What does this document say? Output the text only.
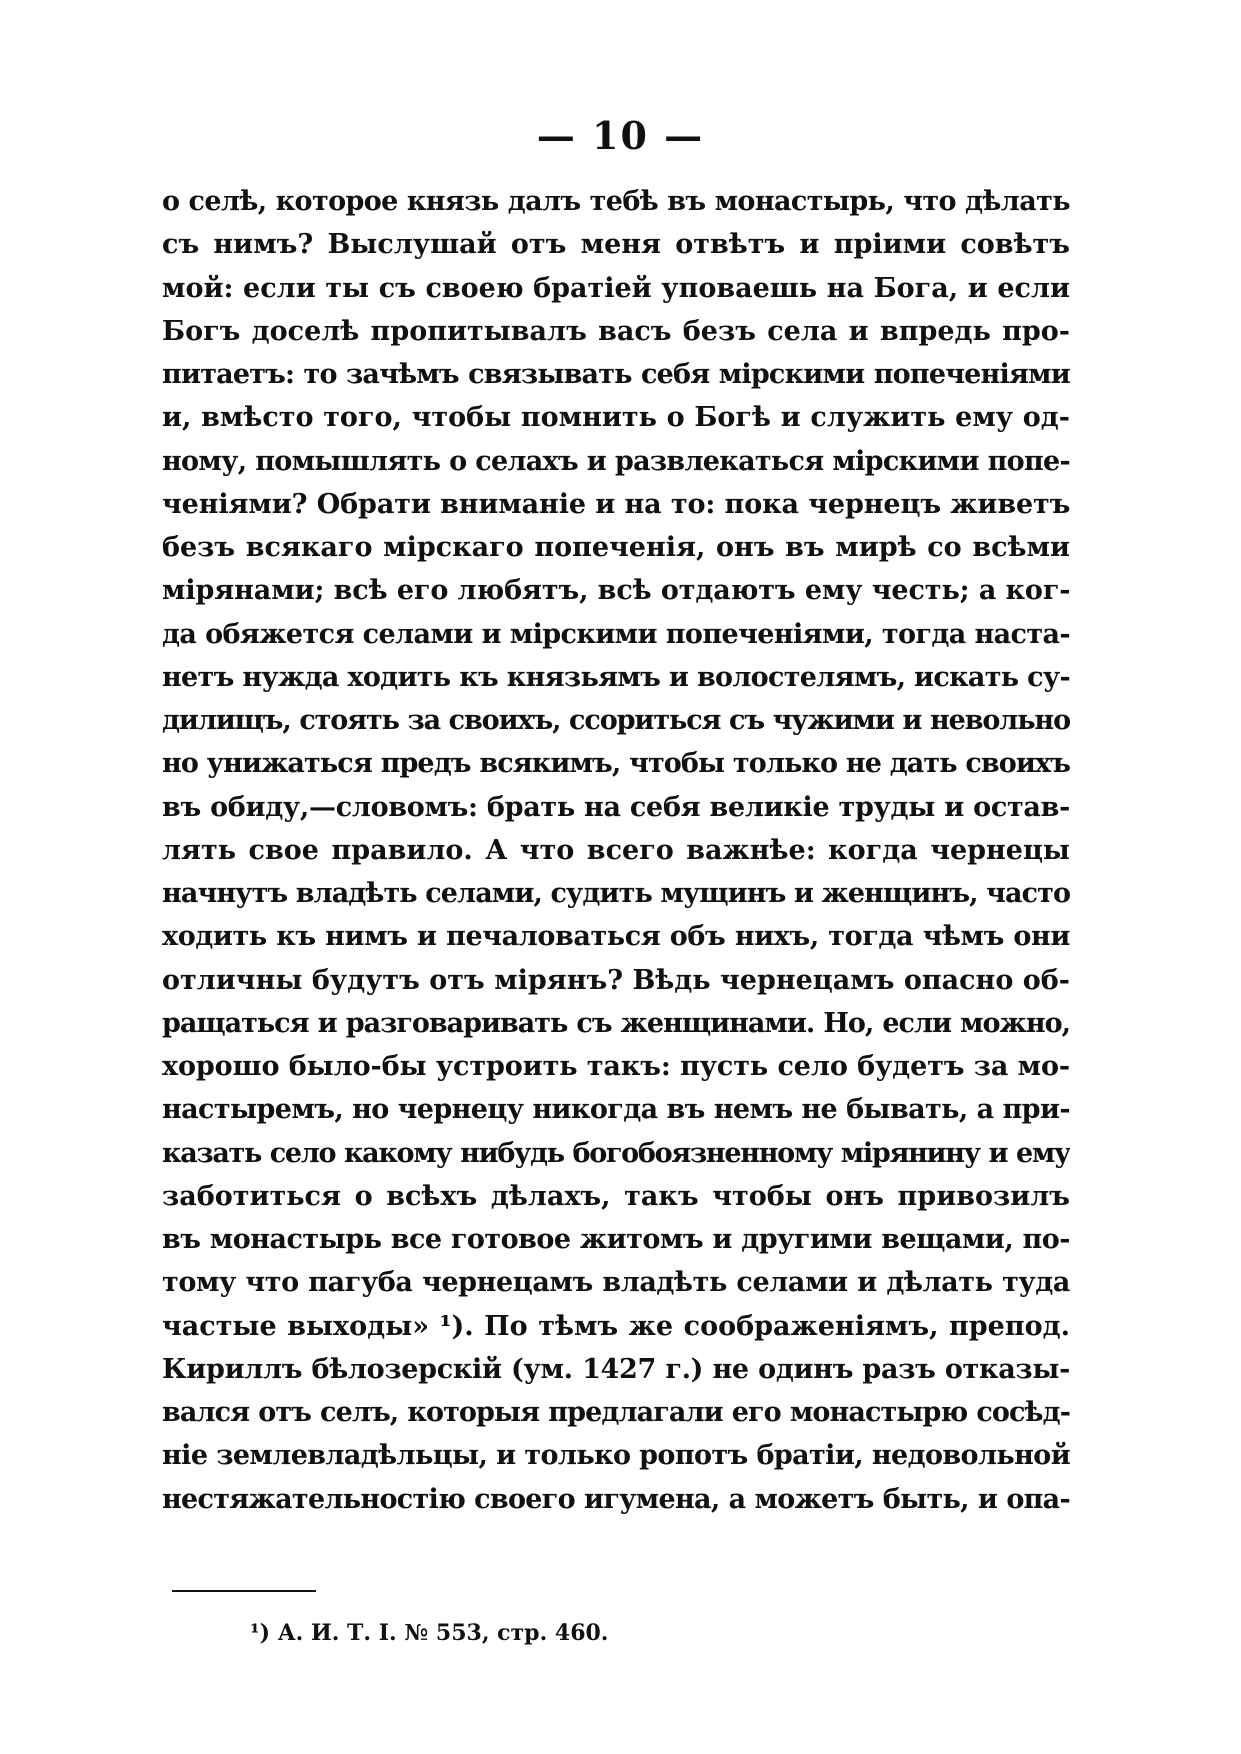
— 10 —
о селѣ, которое князь далъ тебѣ въ монастырь, что дѣлать
съ нимъ? Выслушай отъ меня отвѣтъ и пріими совѣтъ
мой: если ты съ своею братіей уповаешь на Бога, и если
Богъ доселѣ пропитывалъ васъ безъ села и впредь про-
питаетъ: то зачѣмъ связывать себя мірскими попеченіями
и, вмѣсто того, чтобы помнить о Богѣ и служить ему од-
ному, помышлять о селахъ и развлекаться мірскими попе-
ченіями? Обрати вниманіе и на то: пока чернецъ живетъ
безъ всякаго мірскаго попеченія, онъ въ мирѣ со всѣми
мірянами; всѣ его любятъ, всѣ отдаютъ ему честь; а ког-
да обяжется селами и мірскими попеченіями, тогда наста-
нетъ нужда ходить къ князьямъ и волостелямъ, искать су-
дилищъ, стоять за своихъ, ссориться съ чужими и невольно
но унижаться предъ всякимъ, чтобы только не дать своихъ
въ обиду,—словомъ: брать на себя великіе труды и остав-
лять свое правило. А что всего важнѣе: когда чернецы
начнутъ владѣть селами, судить мущинъ и женщинъ, часто
ходить къ нимъ и печаловаться объ нихъ, тогда чѣмъ они
отличны будутъ отъ мірянъ? Вѣдь чернецамъ опасно об-
ращаться и разговаривать съ женщинами. Но, если можно,
хорошо было-бы устроить такъ: пусть село будетъ за мо-
настыремъ, но чернецу никогда въ немъ не бывать, а при-
казать село какому нибудь богобоязненному мірянину и ему
заботиться о всѣхъ дѣлахъ, такъ чтобы онъ привозилъ
въ монастырь все готовое житомъ и другими вещами, по-
тому что пагуба чернецамъ владѣть селами и дѣлать туда
частые выходы» ¹). По тѣмъ же соображеніямъ, препод.
Кириллъ бѣлозерскій (ум. 1427 г.) не одинъ разъ отказы-
вался отъ селъ, которыя предлагали его монастырю сосѣд-
ніе землевладѣльцы, и только ропотъ братіи, недовольной
нестяжательностію своего игумена, а можетъ быть, и опа-
¹) А. И. Т. I. № 553, стр. 460.
